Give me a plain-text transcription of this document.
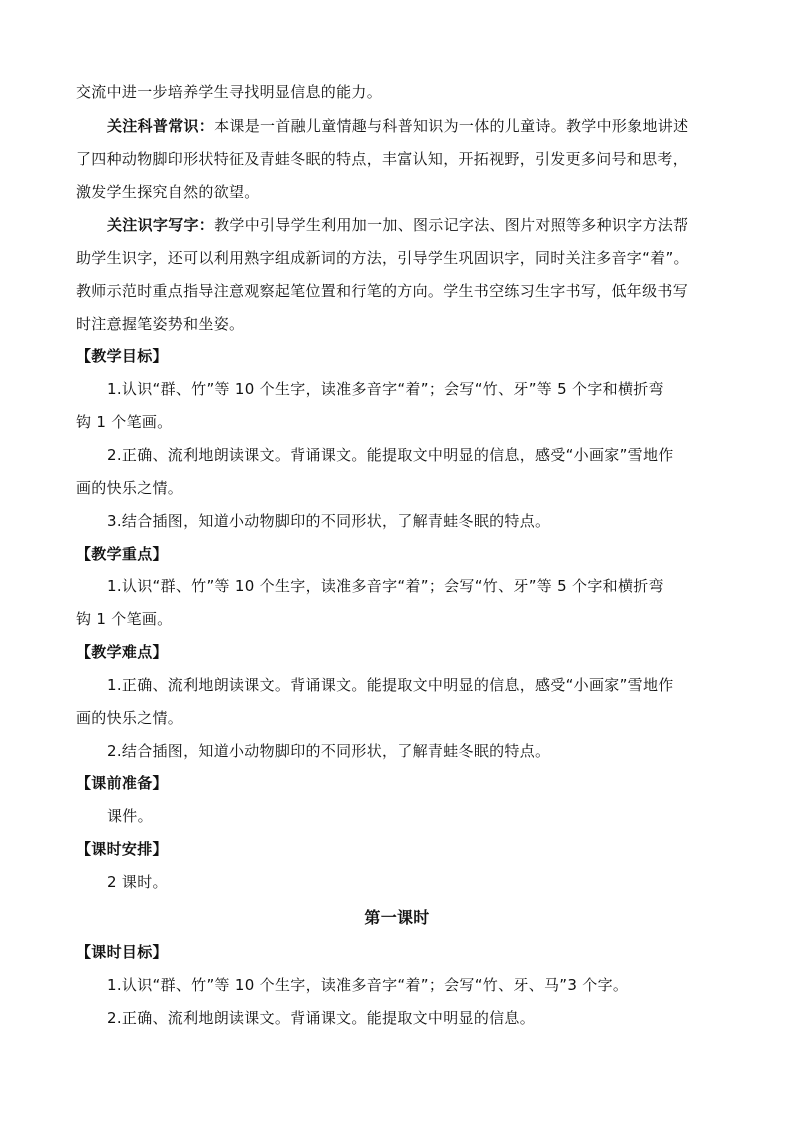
交流中进一步培养学生寻找明显信息的能力。
关注科普常识：本课是一首融儿童情趣与科普知识为一体的儿童诗。教学中形象地讲述
了四种动物脚印形状特征及青蛙冬眠的特点，丰富认知，开拓视野，引发更多问号和思考，
激发学生探究自然的欲望。
关注识字写字：教学中引导学生利用加一加、图示记字法、图片对照等多种识字方法帮
助学生识字，还可以利用熟字组成新词的方法，引导学生巩固识字，同时关注多音字“着”。
教师示范时重点指导注意观察起笔位置和行笔的方向。学生书空练习生字书写，低年级书写
时注意握笔姿势和坐姿。
【教学目标】
1.认识“群、竹”等 10 个生字，读准多音字“着”；会写“竹、牙”等 5 个字和横折弯
钩 1 个笔画。
2.正确、流利地朗读课文。背诵课文。能提取文中明显的信息，感受“小画家”雪地作
画的快乐之情。
3.结合插图，知道小动物脚印的不同形状，了解青蛙冬眠的特点。
【教学重点】
1.认识“群、竹”等 10 个生字，读准多音字“着”；会写“竹、牙”等 5 个字和横折弯
钩 1 个笔画。
【教学难点】
1.正确、流利地朗读课文。背诵课文。能提取文中明显的信息，感受“小画家”雪地作
画的快乐之情。
2.结合插图，知道小动物脚印的不同形状，了解青蛙冬眠的特点。
【课前准备】
课件。
【课时安排】
2 课时。
第一课时
【课时目标】
1.认识“群、竹”等 10 个生字，读准多音字“着”；会写“竹、牙、马”3 个字。
2.正确、流利地朗读课文。背诵课文。能提取文中明显的信息。
